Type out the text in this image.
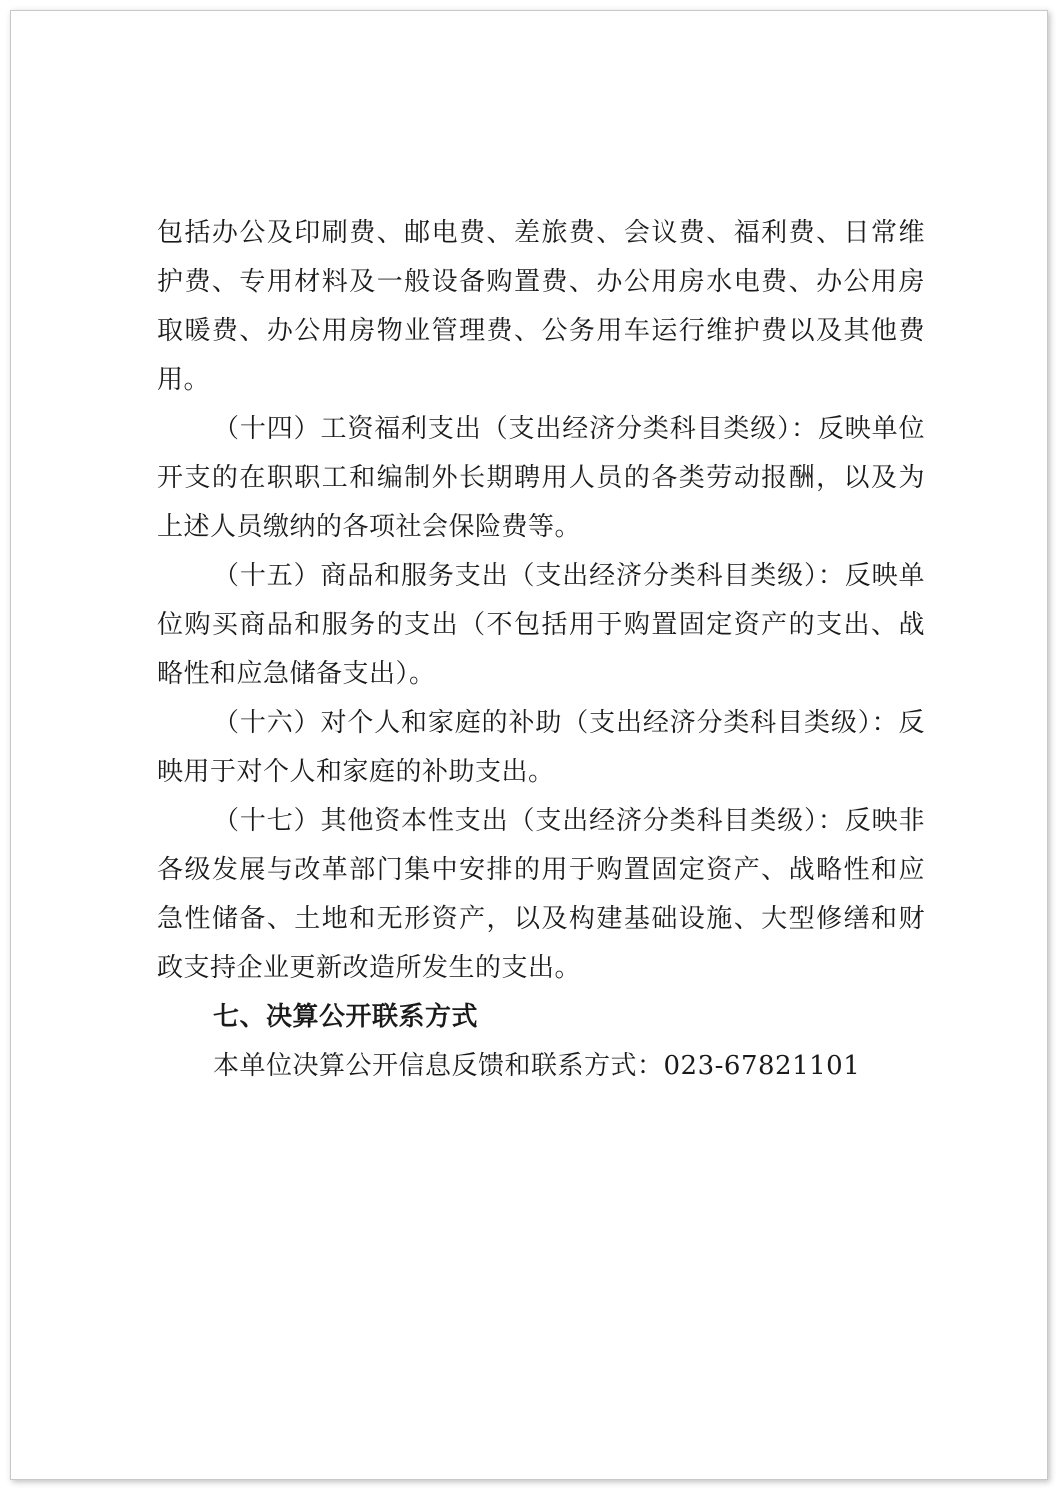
包括办公及印刷费、邮电费、差旅费、会议费、福利费、日常维护费、专用材料及一般设备购置费、办公用房水电费、办公用房取暖费、办公用房物业管理费、公务用车运行维护费以及其他费用。

（十四）工资福利支出（支出经济分类科目类级）：反映单位开支的在职职工和编制外长期聘用人员的各类劳动报酬，以及为上述人员缴纳的各项社会保险费等。

（十五）商品和服务支出（支出经济分类科目类级）：反映单位购买商品和服务的支出（不包括用于购置固定资产的支出、战略性和应急储备支出）。

（十六）对个人和家庭的补助（支出经济分类科目类级）：反映用于对个人和家庭的补助支出。

（十七）其他资本性支出（支出经济分类科目类级）：反映非各级发展与改革部门集中安排的用于购置固定资产、战略性和应急性储备、土地和无形资产，以及构建基础设施、大型修缮和财政支持企业更新改造所发生的支出。

七、决算公开联系方式

本单位决算公开信息反馈和联系方式：023-67821101
